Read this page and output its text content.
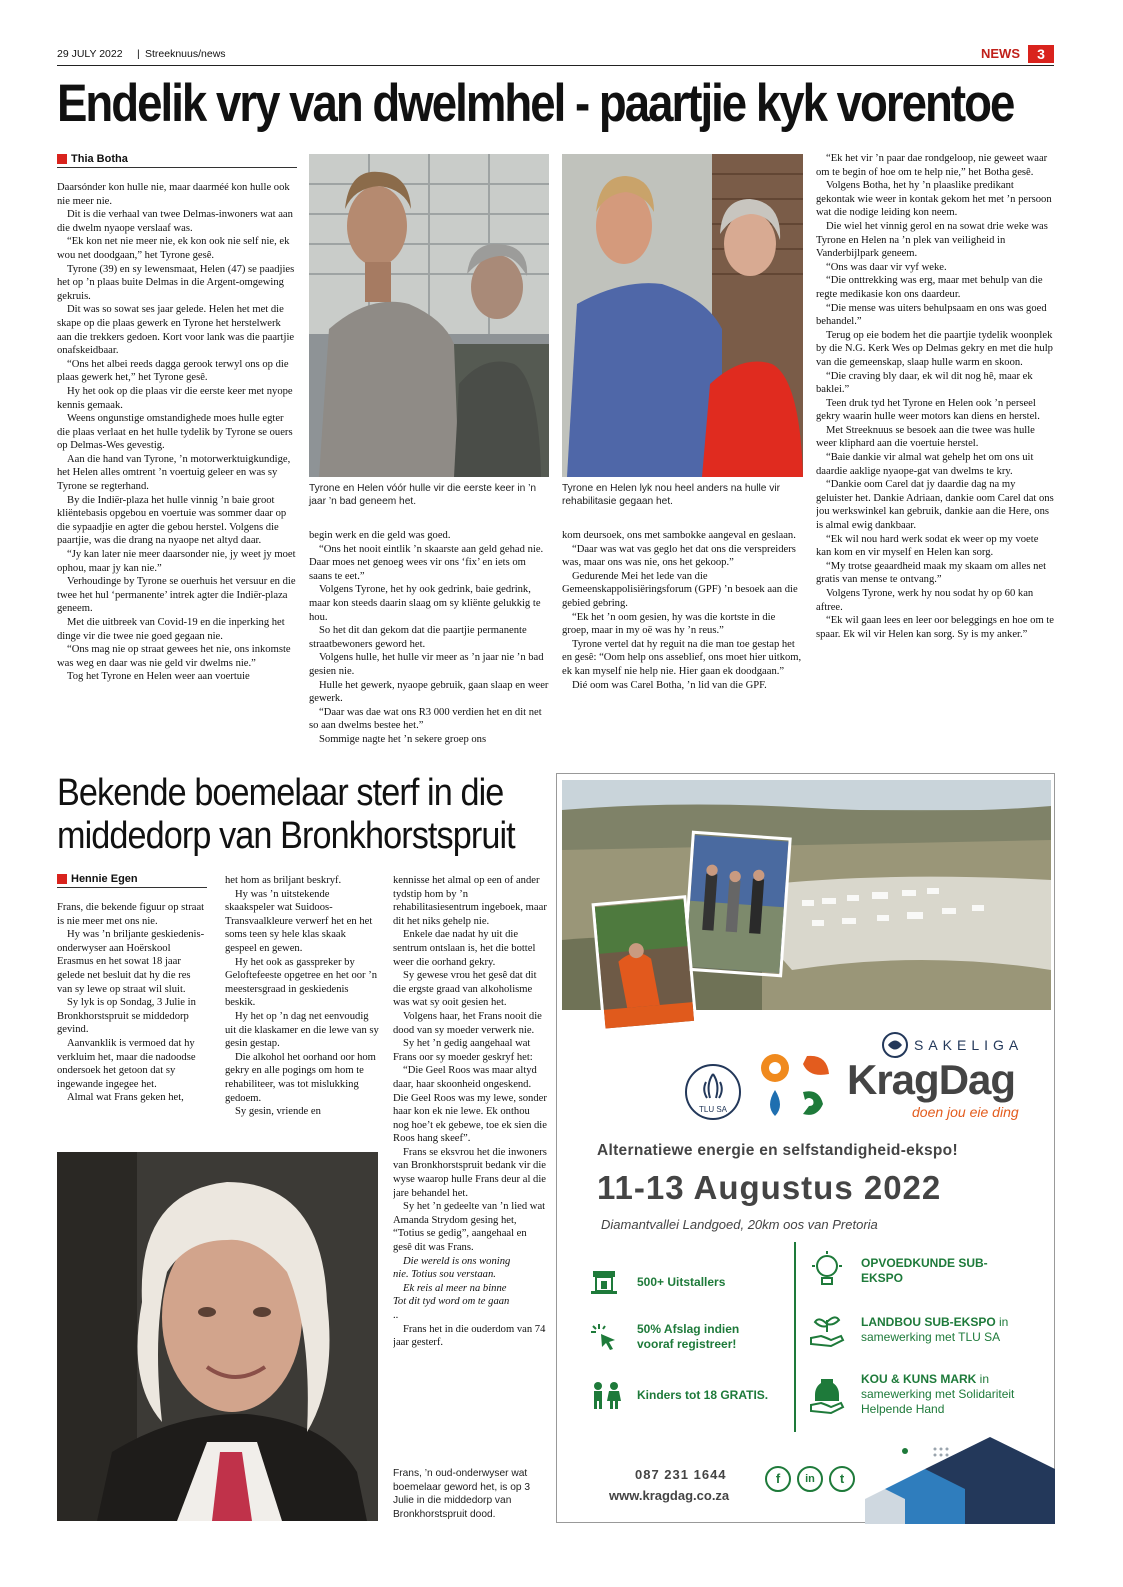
29 JULY 2022 | Streeknuus/news	NEWS	3
Endelik vry van dwelmhel - paartjie kyk vorentoe
Thia Botha

Daarsónder kon hulle nie, maar daarméé kon hulle ook nie meer nie.

Dit is die verhaal van twee Delmas-inwoners wat aan die dwelm nyaope verslaaf was.

“Ek kon net nie meer nie, ek kon ook nie self nie, ek wou net doodgaan,” het Tyrone gesê.

Tyrone (39) en sy lewensmaat, Helen (47) se paadjies het op ’n plaas buite Delmas in die Argent-omgewing gekruis.

Dit was so sowat ses jaar gelede. Helen het met die skape op die plaas gewerk en Tyrone het herstelwerk aan die trekkers gedoen. Kort voor lank was die paartjie onafskeidbaar.

“Ons het albei reeds dagga gerook terwyl ons op die plaas gewerk het,” het Tyrone gesê.

Hy het ook op die plaas vir die eerste keer met nyope kennis gemaak.

Weens ongunstige omstandighede moes hulle egter die plaas verlaat en het hulle tydelik by Tyrone se ouers op Delmas-Wes gevestig.

Aan die hand van Tyrone, ’n motorwerktuigkundige, het Helen alles omtrent ’n voertuig geleer en was sy Tyrone se regterhand.

By die Indiër-plaza het hulle vinnig ’n baie groot kliëntebasis opgebou en voertuie was sommer daar op die sypaadjie en agter die gebou herstel. Volgens die paartjie, was die drang na nyaope net altyd daar.

“Jy kan later nie meer daarsonder nie, jy weet jy moet ophou, maar jy kan nie.”

Verhoudinge by Tyrone se ouerhuis het versuur en die twee het hul ‘permanente’ intrek agter die Indiër-plaza geneem.

Met die uitbreek van Covid-19 en die inperking het dinge vir die twee nie goed gegaan nie.

“Ons mag nie op straat gewees het nie, ons inkomste was weg en daar was nie geld vir dwelms nie.”

Tog het Tyrone en Helen weer aan voertuie

Tyrone en Helen vóór hulle vir die eerste keer in ’n jaar ’n bad geneem het.
Tyrone en Helen lyk nou heel anders na hulle vir rehabilitasie gegaan het.

begin werk en die geld was goed.

“Ons het nooit eintlik ’n skaarste aan geld gehad nie. Daar moes net genoeg wees vir ons ‘fix’ en iets om saans te eet.”

Volgens Tyrone, het hy ook gedrink, baie gedrink, maar kon steeds daarin slaag om sy kliënte gelukkig te hou.

So het dit dan gekom dat die paartjie permanente straatbewoners geword het.

Volgens hulle, het hulle vir meer as ’n jaar nie ’n bad gesien nie.

Hulle het gewerk, nyaope gebruik, gaan slaap en weer gewerk.

“Daar was dae wat ons R3 000 verdien het en dit net so aan dwelms bestee het.”

Sommige nagte het ’n sekere groep ons

kom deursoek, ons met sambokke aangeval en geslaan.

“Daar was wat vas geglo het dat ons die verspreiders was, maar ons was nie, ons het gekoop.”

Gedurende Mei het lede van die Gemeenskappolisiëringsforum (GPF) ’n besoek aan die gebied gebring.

“Ek het ’n oom gesien, hy was die kortste in die groep, maar in my oë was hy ’n reus.”

Tyrone vertel dat hy reguit na die man toe gestap het en gesê: “Oom help ons asseblief, ons moet hier uitkom, ek kan myself nie help nie. Hier gaan ek doodgaan.”

Dié oom was Carel Botha, ’n lid van die GPF.

“Ek het vir ’n paar dae rondgeloop, nie geweet waar om te begin of hoe om te help nie,” het Botha gesê.

Volgens Botha, het hy ’n plaaslike predikant gekontak wie weer in kontak gekom het met ’n persoon wat die nodige leiding kon neem.

Die wiel het vinnig gerol en na sowat drie weke was Tyrone en Helen na ’n plek van veiligheid in Vanderbijlpark geneem.

“Ons was daar vir vyf weke.

“Die onttrekking was erg, maar met behulp van die regte medikasie kon ons daardeur.

“Die mense was uiters behulpsaam en ons was goed behandel.”

Terug op eie bodem het die paartjie tydelik woonplek by die N.G. Kerk Wes op Delmas gekry en met die hulp van die gemeenskap, slaap hulle warm en skoon.

“Die craving bly daar, ek wil dit nog hê, maar ek baklei.”

Teen druk tyd het Tyrone en Helen ook ’n perseel gekry waarin hulle weer motors kan diens en herstel.

Met Streeknuus se besoek aan die twee was hulle weer kliphard aan die voertuie herstel.

“Baie dankie vir almal wat gehelp het om ons uit daardie aaklige nyaope-gat van dwelms te kry.

“Dankie oom Carel dat jy daardie dag na my geluister het. Dankie Adriaan, dankie oom Carel dat ons jou werkswinkel kan gebruik, dankie aan die Here, ons is almal ewig dankbaar.

“Ek wil nou hard werk sodat ek weer op my voete kan kom en vir myself en Helen kan sorg.

“My trotse geaardheid maak my skaam om alles net gratis van mense te ontvang.”

Volgens Tyrone, werk hy nou sodat hy op 60 kan aftree.

“Ek wil gaan lees en leer oor beleggings en hoe om te spaar. Ek wil vir Helen kan sorg. Sy is my anker.”

Bekende boemelaar sterf in die
middedorp van Bronkhorstspruit
Hennie Egen

Frans, die bekende figuur op straat is nie meer met ons nie.

Hy was ’n briljante geskiedenis-onderwyser aan Hoërskool Erasmus en het sowat 18 jaar gelede net besluit dat hy die res van sy lewe op straat wil sluit.

Sy lyk is op Sondag, 3 Julie in Bronkhorstspruit se middedorp gevind.

Aanvanklik is vermoed dat hy verkluim het, maar die nadoodse ondersoek het getoon dat sy ingewande ingegee het.

Almal wat Frans geken het,

het hom as briljant beskryf.

Hy was ’n uitstekende skaakspeler wat Suidoos-Transvaalkleure verwerf het en het soms teen sy hele klas skaak gespeel en gewen.

Hy het ook as gasspreker by Geloftefeeste opgetree en het oor ’n meestersgraad in geskiedenis beskik.

Hy het op ’n dag net eenvoudig uit die klaskamer en die lewe van sy gesin gestap.

Die alkohol het oorhand oor hom gekry en alle pogings om hom te rehabiliteer, was tot mislukking gedoem.

Sy gesin, vriende en

kennisse het almal op een of ander tydstip hom by ’n rehabilitasiesentrum ingeboek, maar dit het niks gehelp nie.

Enkele dae nadat hy uit die sentrum ontslaan is, het die bottel weer die oorhand gekry.

Sy gewese vrou het gesê dat dit die ergste graad van alkoholisme was wat sy ooit gesien het.

Volgens haar, het Frans nooit die dood van sy moeder verwerk nie.

Sy het ’n gedig aangehaal wat Frans oor sy moeder geskryf het:

“Die Geel Roos was maar altyd daar, haar skoonheid ongeskend. Die Geel Roos was my lewe, sonder haar kon ek nie lewe. Ek onthou nog hoe’t ek gebewe, toe ek sien die Roos hang skeef”.

Frans se eksvrou het die inwoners van Bronkhorstspruit bedank vir die wyse waarop hulle Frans deur al die jare behandel het.

Sy het ’n gedeelte van ’n lied wat Amanda Strydom gesing het, “Totius se gedig”, aangehaal en gesê dit was Frans.

Die wereld is ons woning

nie. Totius sou verstaan.

Ek reis al meer na binne

Tot dit tyd word om te gaan

..

Frans het in die ouderdom van 74 jaar gesterf.

Frans, ’n oud-onderwyser wat boemelaar geword het, is op 3 Julie in die middedorp van Bronkhorstspruit dood.
SAKELIGA
TLU SA
KragDag
doen jou eie ding
Alternatiewe energie en selfstandigheid-ekspo!
11-13 Augustus 2022
Diamantvallei Landgoed, 20km oos van Pretoria
500+ Uitstallers
50% Afslag indien vooraf registreer!
Kinders tot 18 GRATIS.
OPVOEDKUNDE SUB-EKSPO
LANDBOU SUB-EKSPO in samewerking met TLU SA
KOU & KUNS MARK in samewerking met Solidariteit Helpende Hand
087 231 1644
www.kragdag.co.za
f	in	t
